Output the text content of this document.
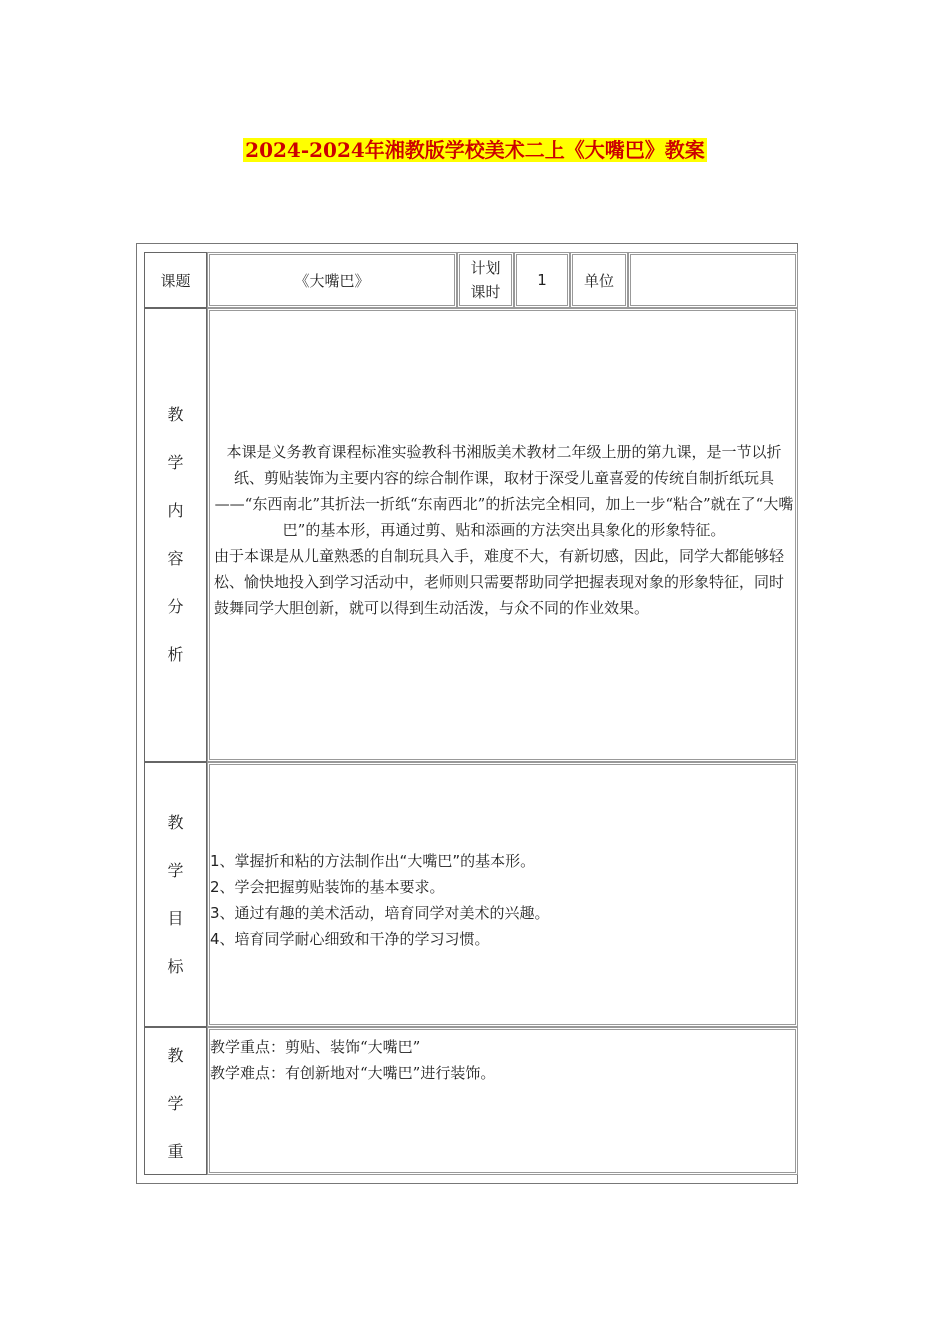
2024-2024年湘教版学校美术二上《大嘴巴》教案
课题	《大嘴巴》
计划课时
1 单位
教
学
内
容
分
析
本课是义务教育课程标准实验教科书湘版美术教材二年级上册的第九课，是一节以折纸、剪贴装饰为主要内容的综合制作课，取材于深受儿童喜爱的传统自制折纸玩具——“东西南北”其折法一折纸“东南西北”的折法完全相同，加上一步“粘合”就在了“大嘴巴”的基本形，再通过剪、贴和添画的方法突出具象化的形象特征。
由于本课是从儿童熟悉的自制玩具入手，难度不大，有新切感，因此，同学大都能够轻松、愉快地投入到学习活动中，老师则只需要帮助同学把握表现对象的形象特征，同时鼓舞同学大胆创新，就可以得到生动活泼，与众不同的作业效果。
教
学
目
标
1、掌握折和粘的方法制作出“大嘴巴”的基本形。
2、学会把握剪贴装饰的基本要求。
3、通过有趣的美术活动，培育同学对美术的兴趣。
4、培育同学耐心细致和干净的学习习惯。
教
学
重
教学重点：剪贴、装饰“大嘴巴”
教学难点：有创新地对“大嘴巴”进行装饰。
